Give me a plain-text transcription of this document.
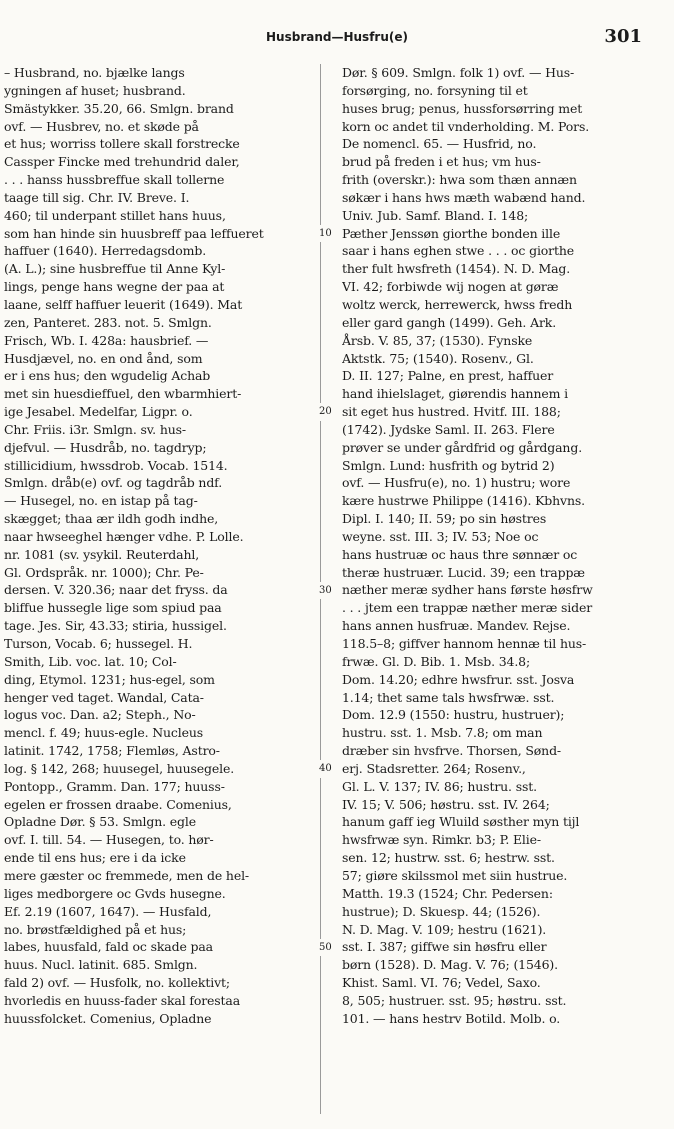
Husbrand—Husfru(e)	301
– Husbrand, no. bjælke langs
ygningen af huset; husbrand.
Smästykker. 35.20, 66. Smlgn. brand
ovf. — Husbrev, no. et skøde på
et hus; worriss tollere skall forstrecke
Cassper Fincke med trehundrid daler,
. . . hanss hussbreffue skall tollerne
taage till sig. Chr. IV. Breve. I.
460; til underpant stillet hans huus,
som han hinde sin huusbreff paa leffueret
haffuer (1640). Herredagsdomb.
(A. L.); sine husbreffue til Anne Kyl-
lings, penge hans wegne der paa at
laane, selff haffuer leuerit (1649). Mat
zen, Panteret. 283. not. 5. Smlgn.
Frisch, Wb. I. 428a: hausbrief. —
Husdjævel, no. en ond ånd, som
er i ens hus; den wgudelig Achab
met sin huesdieffuel, den wbarmhiert-
ige Jesabel. Medelfar, Ligpr. o.
Chr. Friis. i3r. Smlgn. sv. hus-
djefvul. — Husdråb, no. tagdryp;
stillicidium, hwssdrob. Vocab. 1514.
Smlgn. dråb(e) ovf. og tagdråb ndf.
— Husegel, no. en istap på tag-
skægget; thaa ær ildh godh indhe,
naar hwseeghel hænger vdhe. P. Lolle.
nr. 1081 (sv. ysykil. Reuterdahl,
Gl. Ordspråk. nr. 1000); Chr. Pe-
dersen. V. 320.36; naar det fryss. da
bliffue hussegle lige som spiud paa
tage. Jes. Sir, 43.33; stiria, hussigel.
Turson, Vocab. 6; hussegel. H.
Smith, Lib. voc. lat. 10; Col-
ding, Etymol. 1231; hus-egel, som
henger ved taget. Wandal, Cata-
logus voc. Dan. a2; Steph., No-
mencl. f. 49; huus-egle. Nucleus
latinit. 1742, 1758; Flemløs, Astro-
log. § 142, 268; huusegel, huusegele.
Pontopp., Gramm. Dan. 177; huuss-
egelen er frossen draabe. Comenius,
Opladne Dør. § 53. Smlgn. egle
ovf. I. till. 54. — Husegen, to. hør-
ende til ens hus; ere i da icke
mere gæster oc fremmede, men de hel-
liges medborgere oc Gvds husegne.
Ef. 2.19 (1607, 1647). — Husfald,
no. brøstfældighed på et hus;
labes, huusfald, fald oc skade paa
huus. Nucl. latinit. 685. Smlgn.
fald 2) ovf. — Husfolk, no. kollektivt;
hvorledis en huuss-fader skal forestaa
huussfolcket. Comenius, Opladne
10
20
30
40
50
Dør. § 609. Smlgn. folk 1) ovf. — Hus-
forsørging, no. forsyning til et
huses brug; penus, hussforsørring met
korn oc andet til vnderholding. M. Pors.
De nomencl. 65. — Husfrid, no.
brud på freden i et hus; vm hus-
frith (overskr.): hwa som thæn annæn
søkær i hans hws mæth wabænd hand.
Univ. Jub. Samf. Bland. I. 148;
Pæther Jenssøn giorthe bonden ille
saar i hans eghen stwe . . . oc giorthe
ther fult hwsfreth (1454). N. D. Mag.
VI. 42; forbiwde wij nogen at gøræ
woltz werck, herrewerck, hwss fredh
eller gard gangh (1499). Geh. Ark.
Årsb. V. 85, 37; (1530). Fynske
Aktstk. 75; (1540). Rosenv., Gl.
D. II. 127; Palne, en prest, haffuer
hand ihielslaget, giørendis hannem i
sit eget hus hustred. Hvitf. III. 188;
(1742). Jydske Saml. II. 263. Flere
prøver se under gårdfrid og gårdgang.
Smlgn. Lund: husfrith og bytrid 2)
ovf. — Husfru(e), no. 1) hustru; wore
kære hustrwe Philippe (1416). Kbhvns.
Dipl. I. 140; II. 59; po sin høstres
weyne. sst. III. 3; IV. 53; Noe oc
hans hustruæ oc haus thre sønnær oc
theræ hustruær. Lucid. 39; een trappæ
næther meræ sydher hans første høsfrw
. . . jtem een trappæ næther meræ sider
hans annen husfruæ. Mandev. Rejse.
118.5–8; giffver hannom hennæ til hus-
frwæ. Gl. D. Bib. 1. Msb. 34.8;
Dom. 14.20; edhre hwsfrur. sst. Josva
1.14; thet same tals hwsfrwæ. sst.
Dom. 12.9 (1550: hustru, hustruer);
hustru. sst. 1. Msb. 7.8; om man
dræber sin hvsfrve. Thorsen, Sønd-
erj. Stadsretter. 264; Rosenv.,
Gl. L. V. 137; IV. 86; hustru. sst.
IV. 15; V. 506; høstru. sst. IV. 264;
hanum gaff ieg Wluild søsther myn tijl
hwsfrwæ syn. Rimkr. b3; P. Elie-
sen. 12; hustrw. sst. 6; hestrw. sst.
57; giøre skilssmol met siin hustrue.
Matth. 19.3 (1524; Chr. Pedersen:
hustrue); D. Skuesp. 44; (1526).
N. D. Mag. V. 109; hestru (1621).
sst. I. 387; giffwe sin høsfru eller
børn (1528). D. Mag. V. 76; (1546).
Khist. Saml. VI. 76; Vedel, Saxo.
8, 505; hustruer. sst. 95; høstru. sst.
101. — hans hestrv Botild. Molb. o.
